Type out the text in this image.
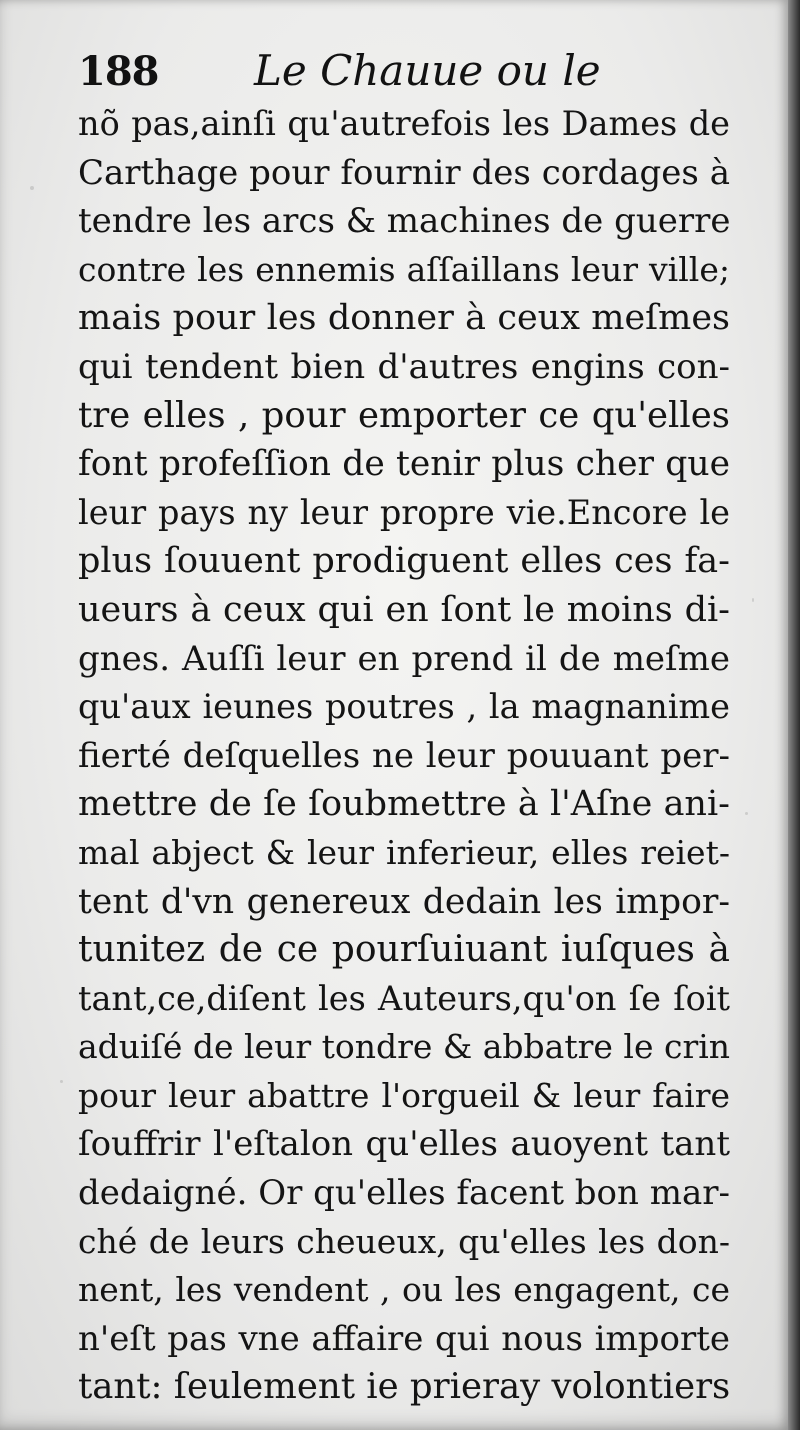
188 Le Chauue ou le
nõ pas,ainſi qu'autrefois les Dames de
Carthage pour fournir des cordages à
tendre les arcs & machines de guerre
contre les ennemis aſſaillans leur ville;
mais pour les donner à ceux meſmes
qui tendent bien d'autres engins con-
tre elles , pour emporter ce qu'elles
font profeſſion de tenir plus cher que
leur pays ny leur propre vie.Encore le
plus ſouuent prodiguent elles ces fa-
ueurs à ceux qui en ſont le moins di-
gnes. Auſſi leur en prend il de meſme
qu'aux ieunes poutres , la magnanime
fierté deſquelles ne leur pouuant per-
mettre de ſe ſoubmettre à l'Aſne ani-
mal abject & leur inferieur, elles reiet-
tent d'vn genereux dedain les impor-
tunitez de ce pourſuiuant iuſques à
tant,ce,diſent les Auteurs,qu'on ſe ſoit
aduiſé de leur tondre & abbatre le crin
pour leur abattre l'orgueil & leur faire
ſouffrir l'eſtalon qu'elles auoyent tant
dedaigné. Or qu'elles facent bon mar-
ché de leurs cheueux, qu'elles les don-
nent, les vendent , ou les engagent, ce
n'eſt pas vne affaire qui nous importe
tant: ſeulement ie prieray volontiers
